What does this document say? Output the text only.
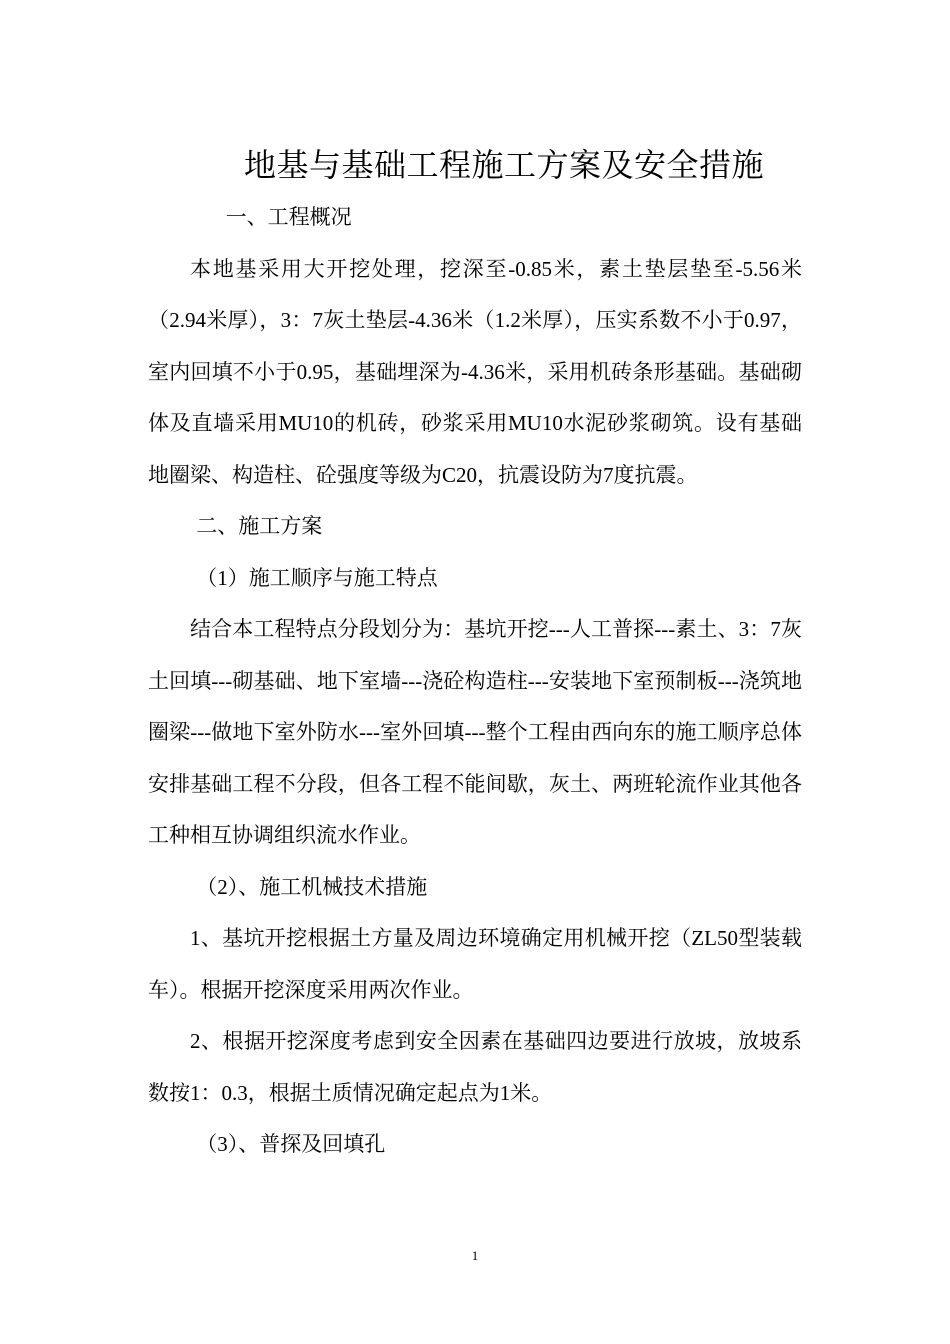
地基与基础工程施工方案及安全措施

一、工程概况

本地基采用大开挖处理，挖深至-0.85米，素土垫层垫至-5.56米（2.94米厚），3：7灰土垫层-4.36米（1.2米厚），压实系数不小于0.97，室内回填不小于0.95，基础埋深为-4.36米，采用机砖条形基础。基础砌体及直墙采用MU10的机砖，砂浆采用MU10水泥砂浆砌筑。设有基础地圈梁、构造柱、砼强度等级为C20，抗震设防为7度抗震。

二、施工方案

（1）施工顺序与施工特点

结合本工程特点分段划分为：基坑开挖---人工普探---素土、3：7灰土回填---砌基础、地下室墙---浇砼构造柱---安装地下室预制板---浇筑地圈梁---做地下室外防水---室外回填---整个工程由西向东的施工顺序总体安排基础工程不分段，但各工程不能间歇，灰土、两班轮流作业其他各工种相互协调组织流水作业。

（2）、施工机械技术措施

1、基坑开挖根据土方量及周边环境确定用机械开挖（ZL50型装载车）。根据开挖深度采用两次作业。

2、根据开挖深度考虑到安全因素在基础四边要进行放坡，放坡系数按1：0.3，根据土质情况确定起点为1米。

（3）、普探及回填孔

1
